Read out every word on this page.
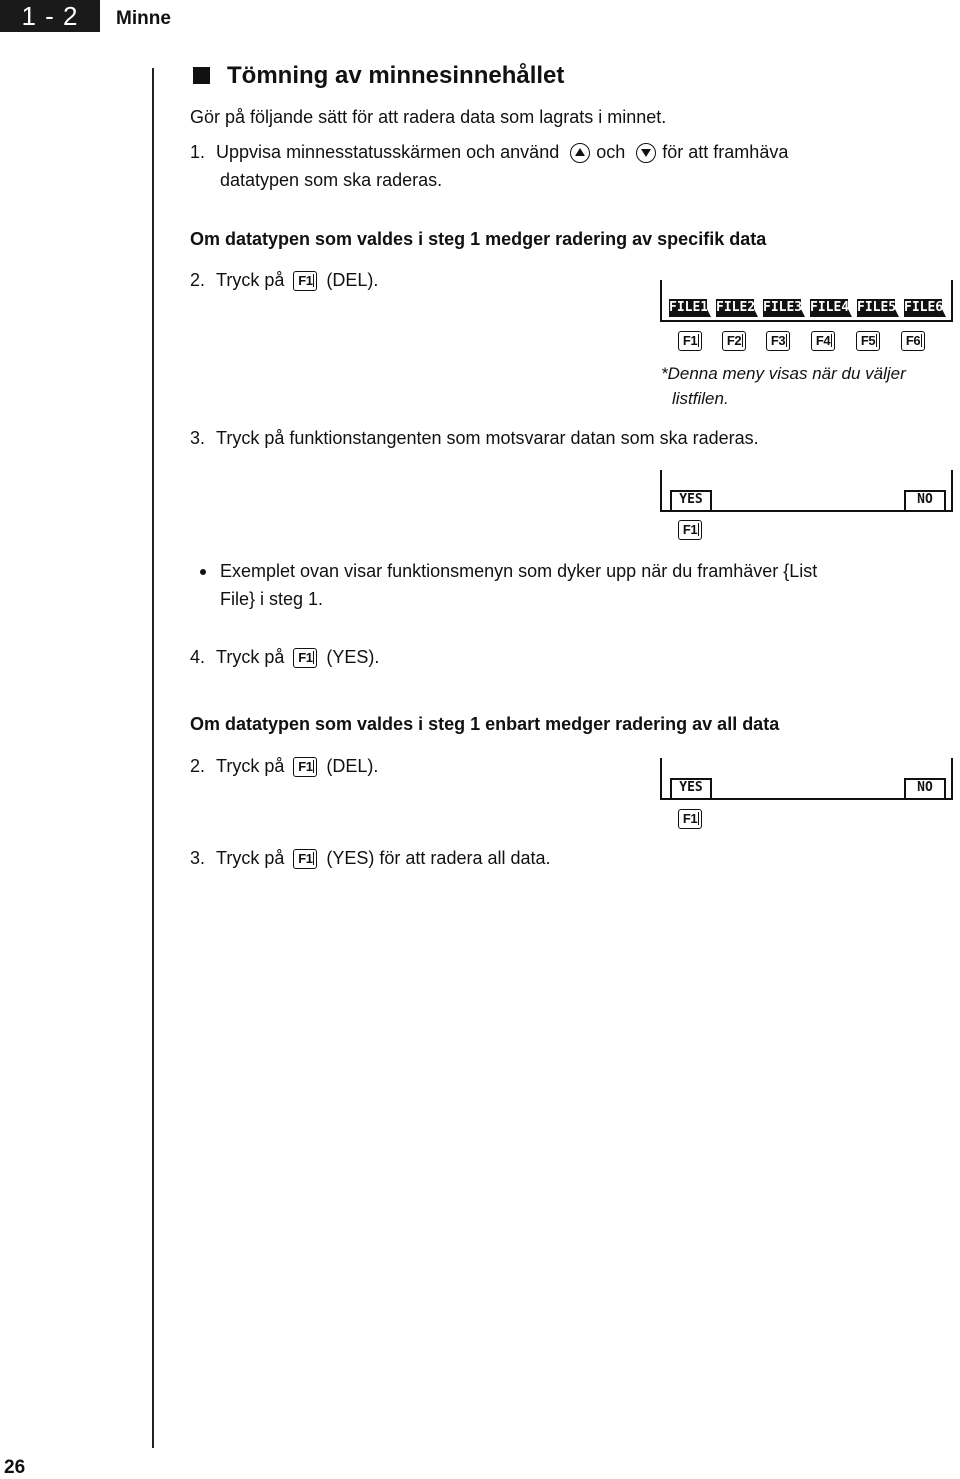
1 - 2	Minne
Tömning av minnesinnehållet
Gör på följande sätt för att radera data som lagrats i minnet.
1. Uppvisa minnesstatusskärmen och använd och för att framhäva
datatypen som ska raderas.
Om datatypen som valdes i steg 1 medger radering av specifik data
2. Tryck på F1 (DEL).
FILE1 FILE2 FILE3 FILE4 FILE5 FILE6
F1 F2 F3 F4 F5 F6
*Denna meny visas när du väljer
listfilen.
3. Tryck på funktionstangenten som motsvarar datan som ska raderas.
YES	NO
F1
Exemplet ovan visar funktionsmenyn som dyker upp när du framhäver {List
File} i steg 1.
4. Tryck på F1 (YES).
Om datatypen som valdes i steg 1 enbart medger radering av all data
2. Tryck på F1 (DEL).
YES	NO
F1
3. Tryck på F1 (YES) för att radera all data.
26
